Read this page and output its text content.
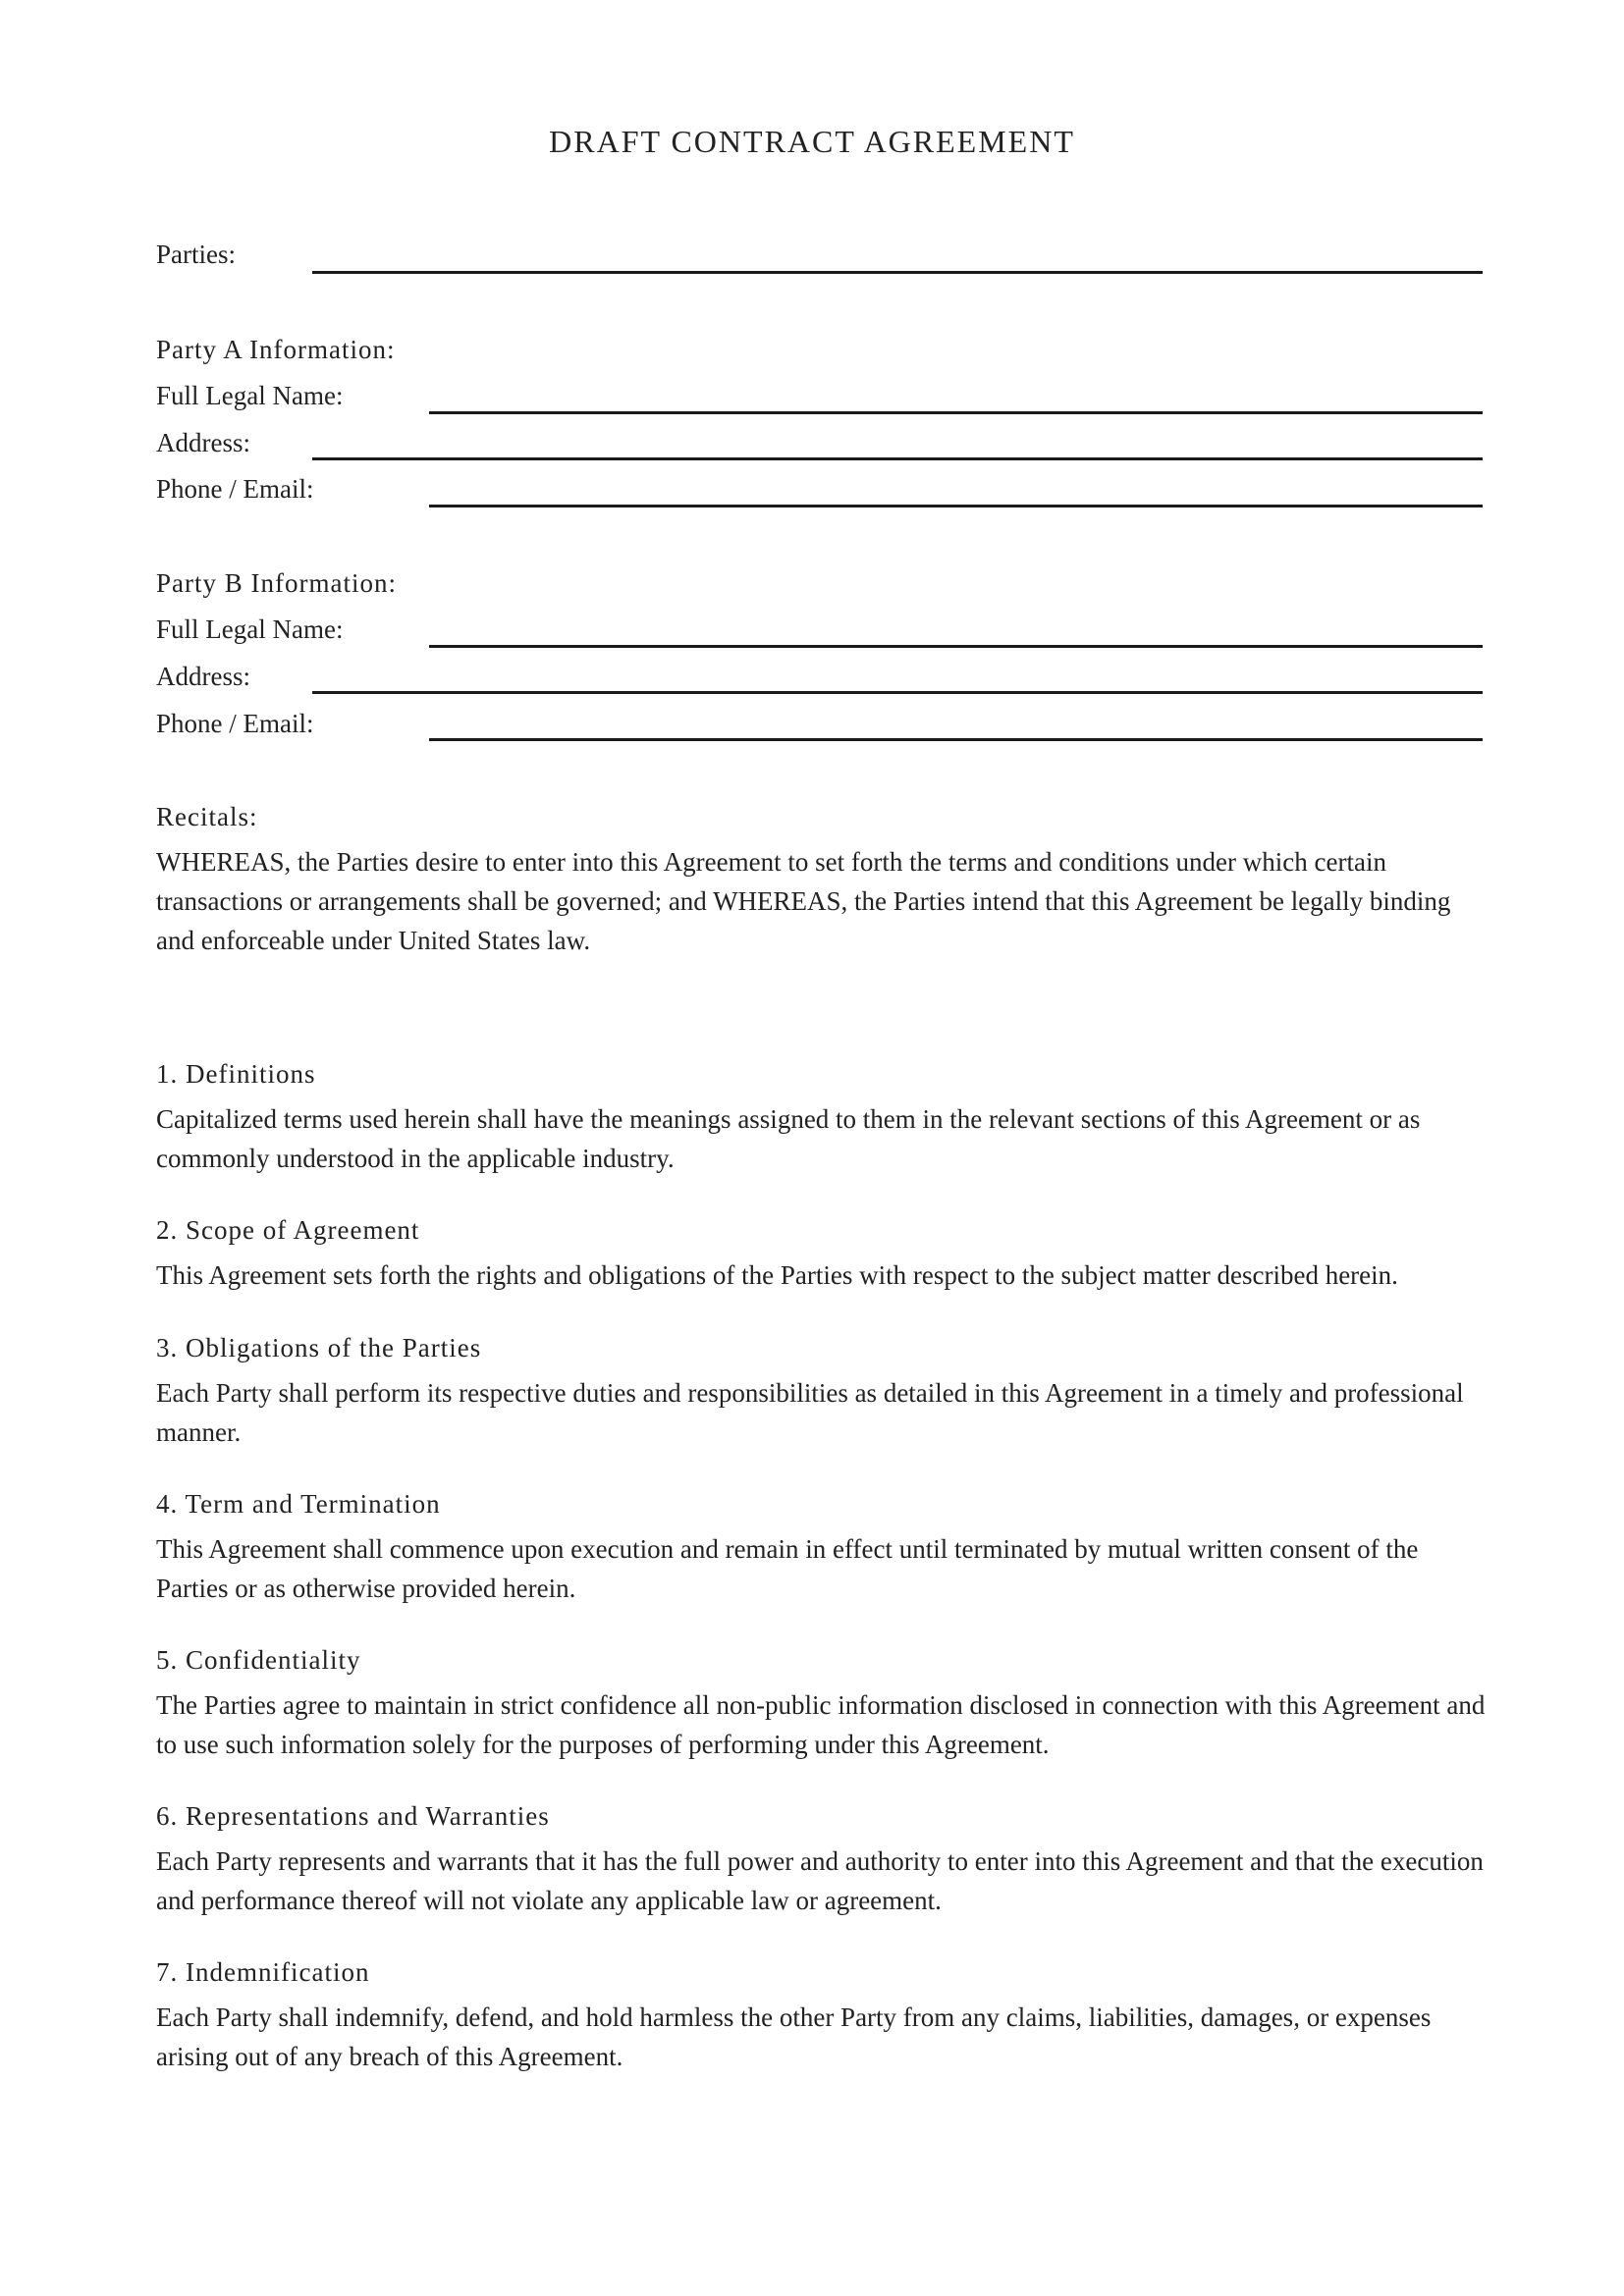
DRAFT CONTRACT AGREEMENT
Parties:
Party A Information:
Full Legal Name:
Address:
Phone / Email:
Party B Information:
Full Legal Name:
Address:
Phone / Email:
Recitals:

WHEREAS, the Parties desire to enter into this Agreement to set forth the terms and conditions under which certain transactions or arrangements shall be governed; and WHEREAS, the Parties intend that this Agreement be legally binding and enforceable under United States law.

1. Definitions

Capitalized terms used herein shall have the meanings assigned to them in the relevant sections of this Agreement or as commonly understood in the applicable industry.

2. Scope of Agreement

This Agreement sets forth the rights and obligations of the Parties with respect to the subject matter described herein.

3. Obligations of the Parties

Each Party shall perform its respective duties and responsibilities as detailed in this Agreement in a timely and professional manner.

4. Term and Termination

This Agreement shall commence upon execution and remain in effect until terminated by mutual written consent of the Parties or as otherwise provided herein.

5. Confidentiality

The Parties agree to maintain in strict confidence all non-public information disclosed in connection with this Agreement and to use such information solely for the purposes of performing under this Agreement.

6. Representations and Warranties

Each Party represents and warrants that it has the full power and authority to enter into this Agreement and that the execution and performance thereof will not violate any applicable law or agreement.

7. Indemnification

Each Party shall indemnify, defend, and hold harmless the other Party from any claims, liabilities, damages, or expenses arising out of any breach of this Agreement.
